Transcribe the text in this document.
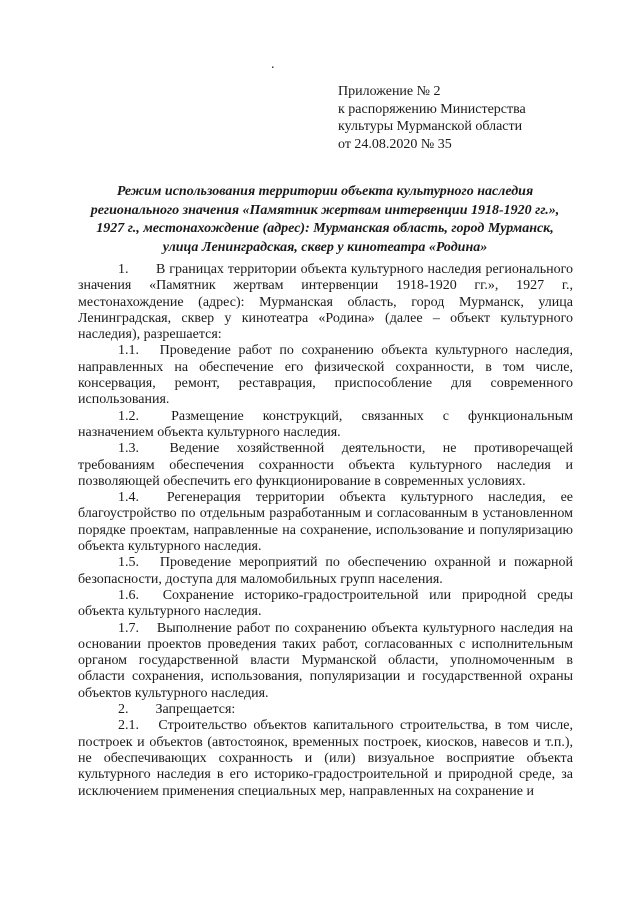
.
Приложение № 2
к распоряжению Министерства
культуры Мурманской области
от 24.08.2020 № 35
Режим использования территории объекта культурного наследия
регионального значения «Памятник жертвам интервенции 1918-1920 гг.»,
1927 г., местонахождение (адрес): Мурманская область, город Мурманск,
улица Ленинградская, сквер у кинотеатра «Родина»

1. В границах территории объекта культурного наследия регионального значения «Памятник жертвам интервенции 1918-1920 гг.», 1927 г., местонахождение (адрес): Мурманская область, город Мурманск, улица Ленинградская, сквер у кинотеатра «Родина» (далее – объект культурного наследия), разрешается:

1.1. Проведение работ по сохранению объекта культурного наследия, направленных на обеспечение его физической сохранности, в том числе, консервация, ремонт, реставрация, приспособление для современного использования.

1.2. Размещение конструкций, связанных с функциональным назначением объекта культурного наследия.

1.3. Ведение хозяйственной деятельности, не противоречащей требованиям обеспечения сохранности объекта культурного наследия и позволяющей обеспечить его функционирование в современных условиях.

1.4. Регенерация территории объекта культурного наследия, ее благоустройство по отдельным разработанным и согласованным в установленном порядке проектам, направленные на сохранение, использование и популяризацию объекта культурного наследия.

1.5. Проведение мероприятий по обеспечению охранной и пожарной безопасности, доступа для маломобильных групп населения.

1.6. Сохранение историко-градостроительной или природной среды объекта культурного наследия.

1.7. Выполнение работ по сохранению объекта культурного наследия на основании проектов проведения таких работ, согласованных с исполнительным органом государственной власти Мурманской области, уполномоченным в области сохранения, использования, популяризации и государственной охраны объектов культурного наследия.

2. Запрещается:

2.1. Строительство объектов капитального строительства, в том числе, построек и объектов (автостоянок, временных построек, киосков, навесов и т.п.), не обеспечивающих сохранность и (или) визуальное восприятие объекта культурного наследия в его историко-градостроительной и природной среде, за исключением применения специальных мер, направленных на сохранение и
